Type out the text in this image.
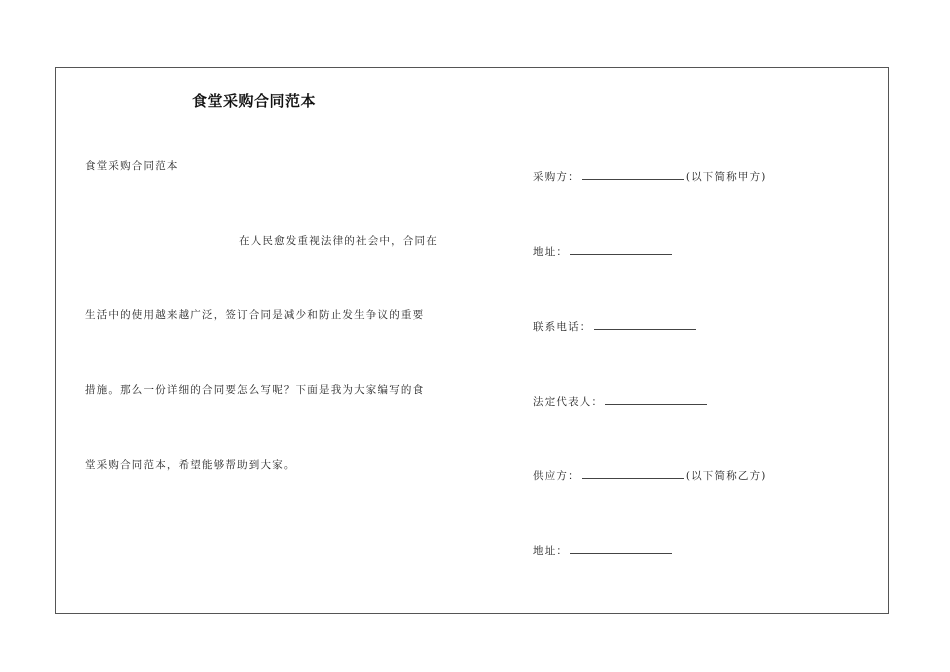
食堂采购合同范本
食堂采购合同范本
在人民愈发重视法律的社会中，合同在
生活中的使用越来越广泛，签订合同是减少和防止发生争议的重要
措施。那么一份详细的合同要怎么写呢？下面是我为大家编写的食
堂采购合同范本，希望能够帮助到大家。
采购方：	(以下简称甲方)
地址：
联系电话：
法定代表人：
供应方：	(以下简称乙方)
地址：
